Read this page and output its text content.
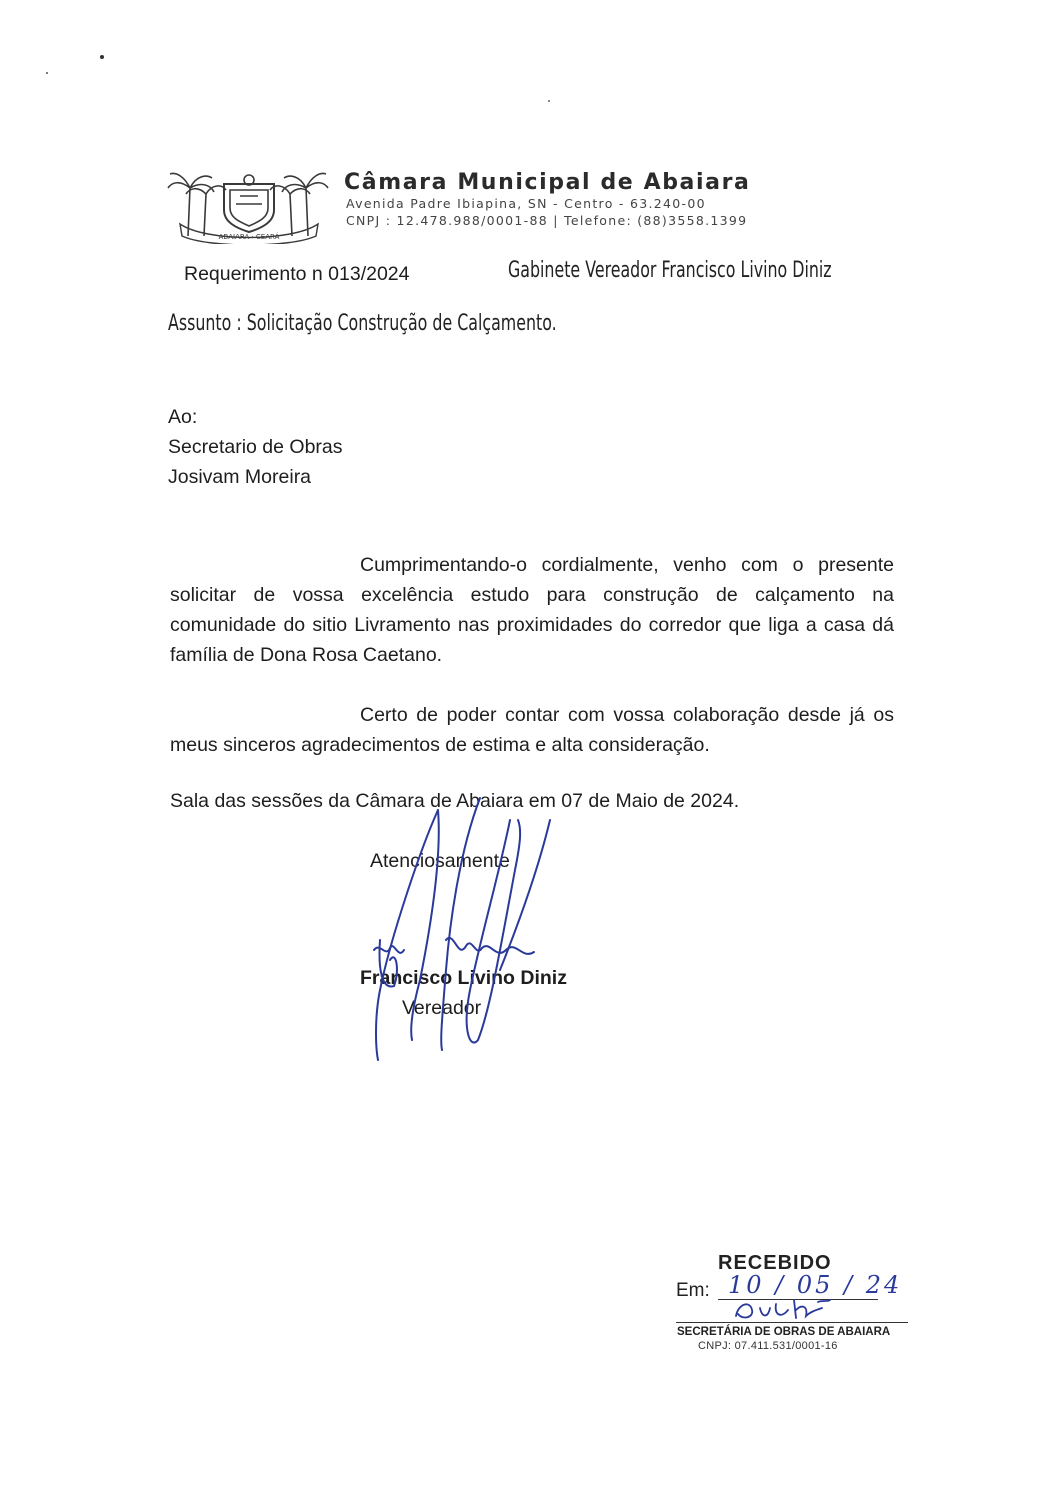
ABAIARA · CEARÁ
Câmara Municipal de Abaiara
Avenida Padre Ibiapina, SN - Centro - 63.240-00
CNPJ : 12.478.988/0001-88 | Telefone: (88)3558.1399
Requerimento n 013/2024	Gabinete Vereador Francisco Livino Diniz
Assunto : Solicitação Construção de Calçamento.
Ao:
Secretario de Obras
Josivam Moreira
Cumprimentando-o cordialmente, venho com o presente solicitar de vossa excelência estudo para construção de calçamento na comunidade do sitio Livramento nas proximidades do corredor que liga a casa dá família de Dona Rosa Caetano.
Certo de poder contar com vossa colaboração desde já os meus sinceros agradecimentos de estima e alta consideração.
Sala das sessões da Câmara de Abaiara em 07 de Maio de 2024.
Atenciosamente
Francisco Livino Diniz
Vereador
RECEBIDO
Em: 10 / 05 / 24
SECRETÁRIA DE OBRAS DE ABAIARA
CNPJ: 07.411.531/0001-16
